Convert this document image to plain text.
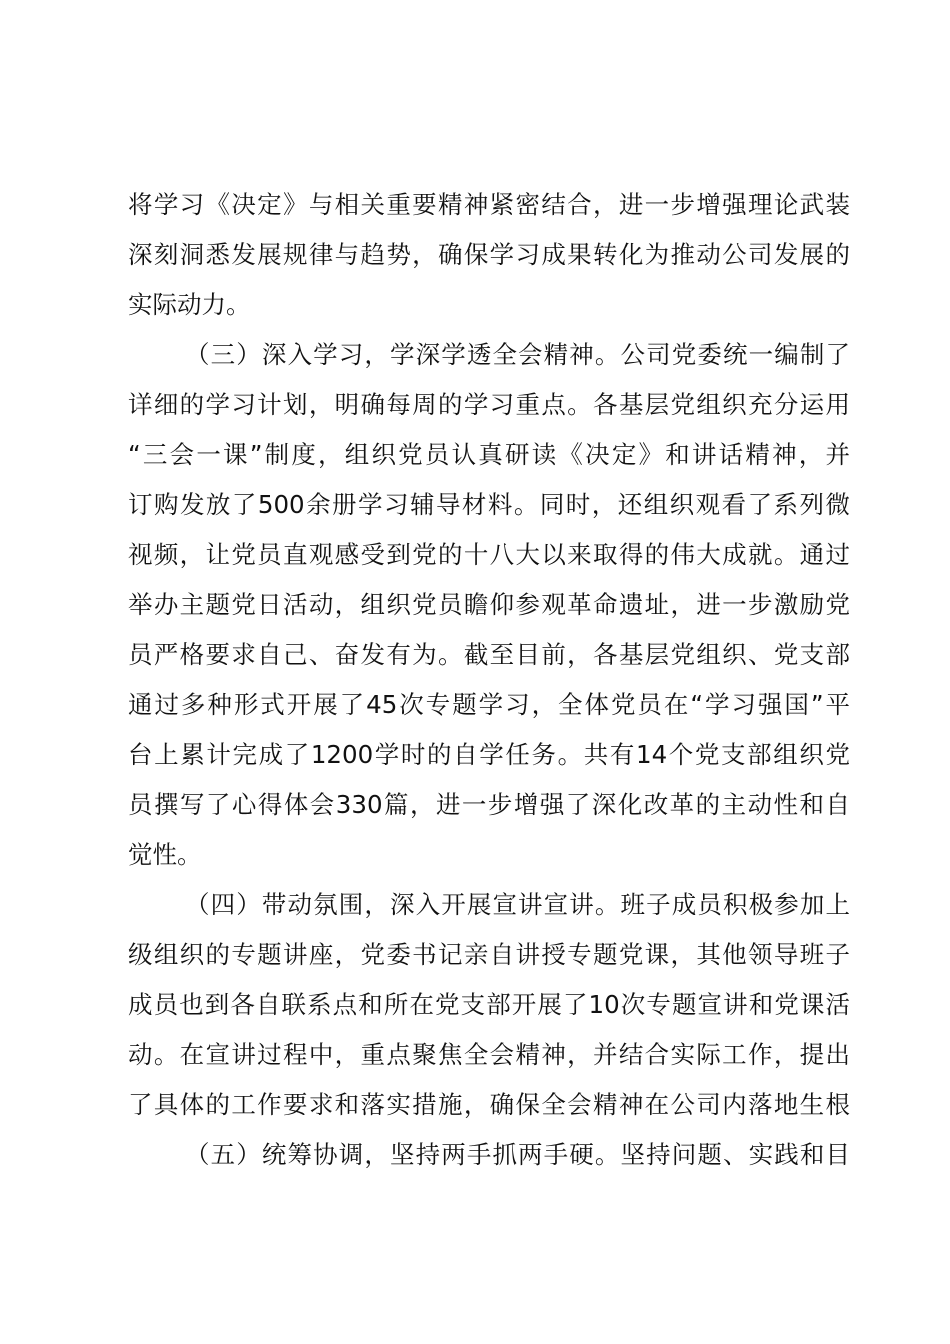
将学习《决定》与相关重要精神紧密结合，进一步增强理论武装
深刻洞悉发展规律与趋势，确保学习成果转化为推动公司发展的
实际动力。
（三）深入学习，学深学透全会精神。公司党委统一编制了
详细的学习计划，明确每周的学习重点。各基层党组织充分运用
“三会一课”制度，组织党员认真研读《决定》和讲话精神，并
订购发放了500余册学习辅导材料。同时，还组织观看了系列微
视频，让党员直观感受到党的十八大以来取得的伟大成就。通过
举办主题党日活动，组织党员瞻仰参观革命遗址，进一步激励党
员严格要求自己、奋发有为。截至目前，各基层党组织、党支部
通过多种形式开展了45次专题学习，全体党员在“学习强国”平
台上累计完成了1200学时的自学任务。共有14个党支部组织党
员撰写了心得体会330篇，进一步增强了深化改革的主动性和自
觉性。
（四）带动氛围，深入开展宣讲宣讲。班子成员积极参加上
级组织的专题讲座，党委书记亲自讲授专题党课，其他领导班子
成员也到各自联系点和所在党支部开展了10次专题宣讲和党课活
动。在宣讲过程中，重点聚焦全会精神，并结合实际工作，提出
了具体的工作要求和落实措施，确保全会精神在公司内落地生根
（五）统筹协调，坚持两手抓两手硬。坚持问题、实践和目
